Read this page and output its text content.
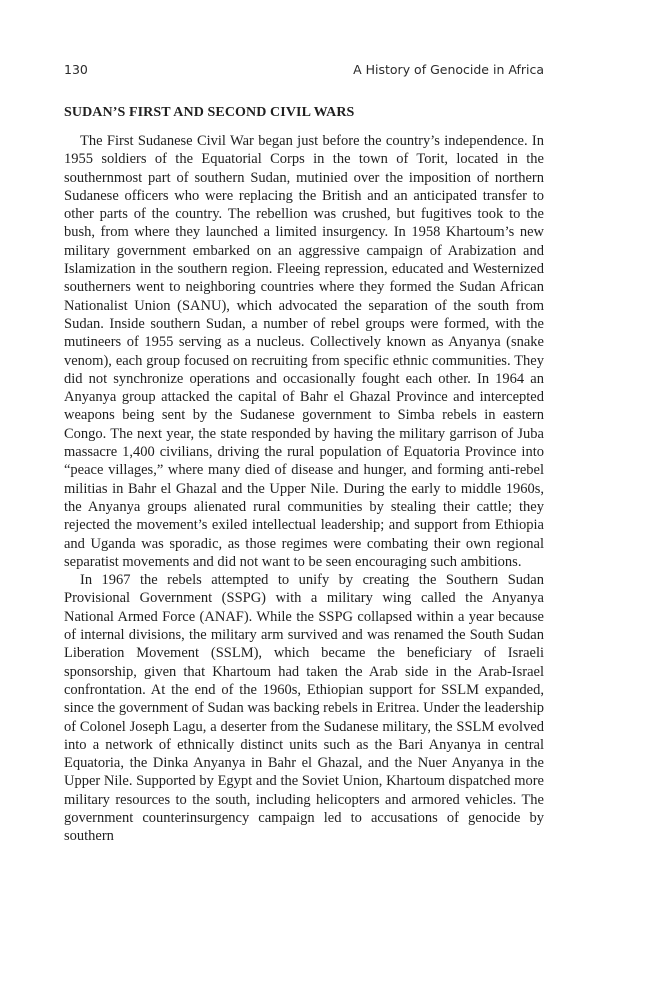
130	A History of Genocide in Africa
SUDAN’S FIRST AND SECOND CIVIL WARS

The First Sudanese Civil War began just before the country’s independence. In 1955 soldiers of the Equatorial Corps in the town of Torit, located in the southernmost part of southern Sudan, mutinied over the imposition of northern Sudanese officers who were replacing the British and an anticipated transfer to other parts of the country. The rebellion was crushed, but fugitives took to the bush, from where they launched a limited insurgency. In 1958 Khartoum’s new military government embarked on an aggressive campaign of Arabization and Islamization in the southern region. Fleeing repression, educated and Westernized southerners went to neighboring countries where they formed the Sudan African Nationalist Union (SANU), which advocated the separation of the south from Sudan. Inside southern Sudan, a number of rebel groups were formed, with the mutineers of 1955 serving as a nucleus. Collectively known as Anyanya (snake venom), each group focused on recruiting from specific ethnic communities. They did not synchronize operations and occasionally fought each other. In 1964 an Anyanya group attacked the capital of Bahr el Ghazal Province and intercepted weapons being sent by the Sudanese government to Simba rebels in eastern Congo. The next year, the state responded by having the military garrison of Juba massacre 1,400 civilians, driving the rural population of Equatoria Province into “peace villages,” where many died of disease and hunger, and forming anti-rebel militias in Bahr el Ghazal and the Upper Nile. During the early to middle 1960s, the Anyanya groups alienated rural communities by stealing their cattle; they rejected the movement’s exiled intellectual leadership; and support from Ethiopia and Uganda was sporadic, as those regimes were combating their own regional separatist movements and did not want to be seen encouraging such ambitions.

In 1967 the rebels attempted to unify by creating the Southern Sudan Provisional Government (SSPG) with a military wing called the Anyanya National Armed Force (ANAF). While the SSPG collapsed within a year because of internal divisions, the military arm survived and was renamed the South Sudan Liberation Movement (SSLM), which became the beneficiary of Israeli sponsorship, given that Khartoum had taken the Arab side in the Arab-Israel confrontation. At the end of the 1960s, Ethiopian support for SSLM expanded, since the government of Sudan was backing rebels in Eritrea. Under the leadership of Colonel Joseph Lagu, a deserter from the Sudanese military, the SSLM evolved into a network of ethnically distinct units such as the Bari Anyanya in central Equatoria, the Dinka Anyanya in Bahr el Ghazal, and the Nuer Anyanya in the Upper Nile. Supported by Egypt and the Soviet Union, Khartoum dispatched more military resources to the south, including helicopters and armored vehicles. The government counterinsurgency campaign led to accusations of genocide by southern
